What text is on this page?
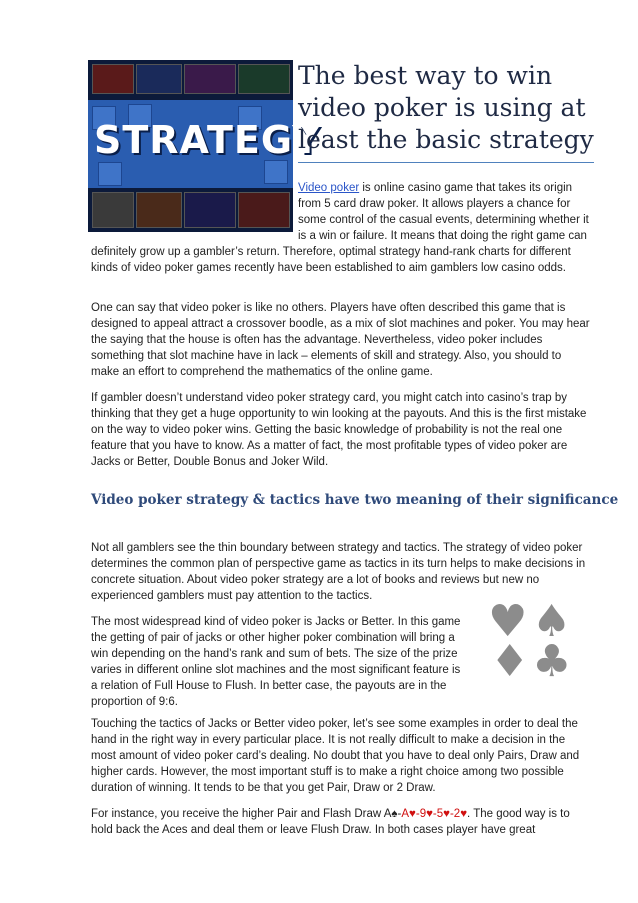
STRATEGY
The best way to win video poker is using at least the basic strategy

Video poker is online casino game that takes its origin from 5 card draw poker. It allows players a chance for some control of the casual events, determining whether it is a win or failure. It means that doing the right game can definitely grow up a gambler’s return. Therefore, optimal strategy hand-rank charts for different kinds of video poker games recently have been established to aim gamblers low casino odds.

One can say that video poker is like no others. Players have often described this game that is designed to appeal attract a crossover boodle, as a mix of slot machines and poker. You may hear the saying that the house is often has the advantage. Nevertheless, video poker includes something that slot machine have in lack – elements of skill and strategy. Also, you should to make an effort to comprehend the mathematics of the online game.

If gambler doesn’t understand video poker strategy card, you might catch into casino’s trap by thinking that they get a huge opportunity to win looking at the payouts. And this is the first mistake on the way to video poker wins. Getting the basic knowledge of probability is not the real one feature that you have to know. As a matter of fact, the most profitable types of video poker are Jacks or Better, Double Bonus and Joker Wild.

Video poker strategy & tactics have two meaning of their significance

Not all gamblers see the thin boundary between strategy and tactics. The strategy of video poker determines the common plan of perspective game as tactics in its turn helps to make decisions in concrete situation. About video poker strategy are a lot of books and reviews but new no experienced gamblers must pay attention to the tactics.

The most widespread kind of video poker is Jacks or Better. In this game the getting of pair of jacks or other higher poker combination will bring a win depending on the hand’s rank and sum of bets. The size of the prize varies in different online slot machines and the most significant feature is a relation of Full House to Flush. In better case, the payouts are in the proportion of 9:6.

♥ ♠
♦ ♣

Touching the tactics of Jacks or Better video poker, let’s see some examples in order to deal the hand in the right way in every particular place. It is not really difficult to make a decision in the most amount of video poker card’s dealing. No doubt that you have to deal only Pairs, Draw and higher cards. However, the most important stuff is to make a right choice among two possible duration of winning. It tends to be that you get Pair, Draw or 2 Draw.

For instance, you receive the higher Pair and Flash Draw A♠-A♥-9♥-5♥-2♥. The good way is to hold back the Aces and deal them or leave Flush Draw. In both cases player have great
